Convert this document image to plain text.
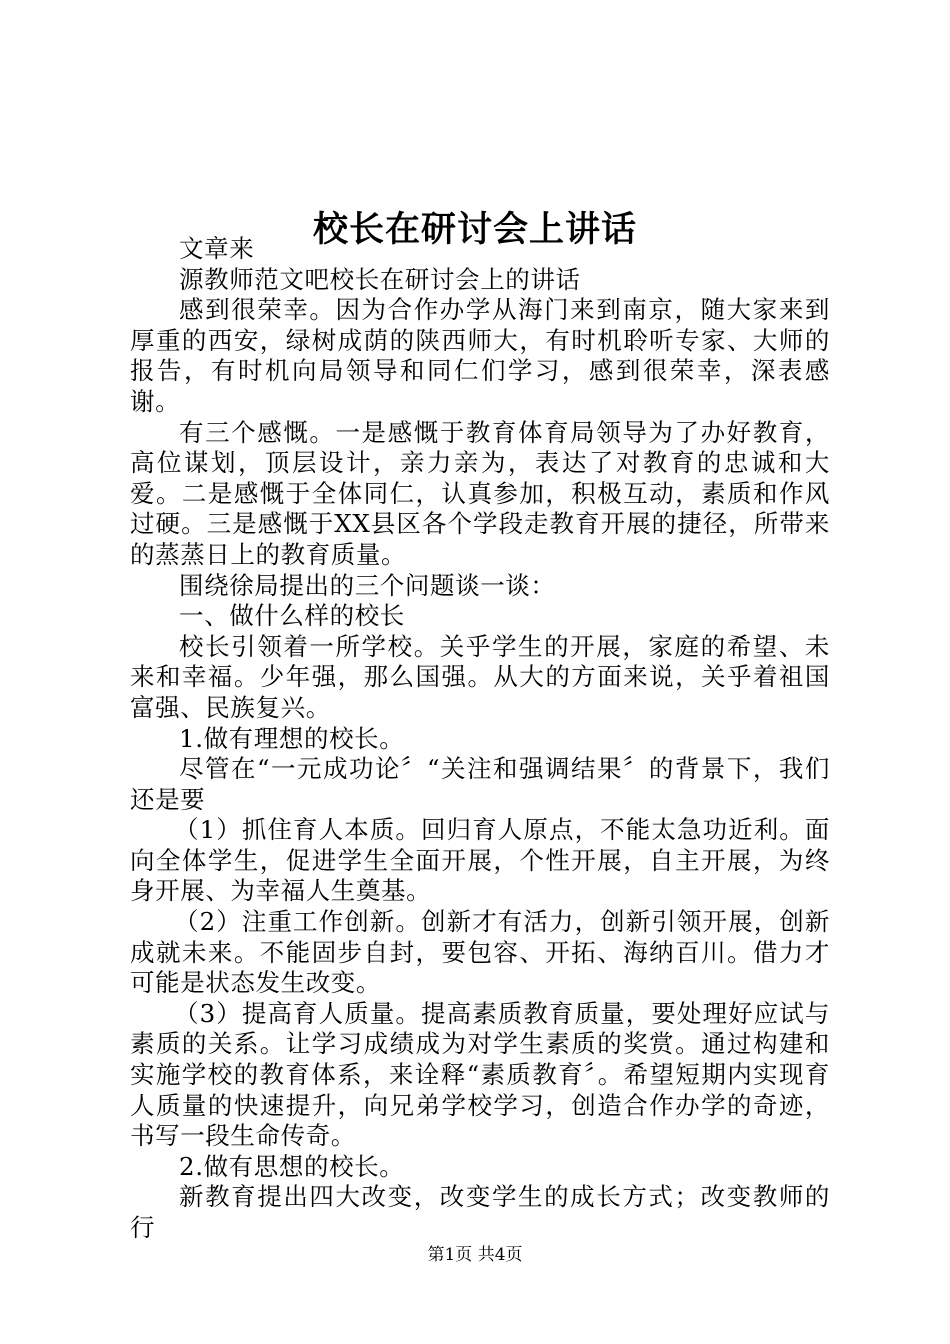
校长在研讨会上讲话

文章来

源教师范文吧校长在研讨会上的讲话

感到很荣幸。因为合作办学从海门来到南京，随大家来到厚重的西安，绿树成荫的陕西师大，有时机聆听专家、大师的报告，有时机向局领导和同仁们学习，感到很荣幸，深表感谢。

有三个感慨。一是感慨于教育体育局领导为了办好教育，高位谋划，顶层设计，亲力亲为，表达了对教育的忠诚和大爱。二是感慨于全体同仁，认真参加，积极互动，素质和作风过硬。三是感慨于XX县区各个学段走教育开展的捷径，所带来的蒸蒸日上的教育质量。

围绕徐局提出的三个问题谈一谈：

一、做什么样的校长

校长引领着一所学校。关乎学生的开展，家庭的希望、未来和幸福。少年强，那么国强。从大的方面来说，关乎着祖国富强、民族复兴。

1.做有理想的校长。

尽管在“一元成功论〞“关注和强调结果〞的背景下，我们还是要

（1）抓住育人本质。回归育人原点，不能太急功近利。面向全体学生，促进学生全面开展，个性开展，自主开展，为终身开展、为幸福人生奠基。

（2）注重工作创新。创新才有活力，创新引领开展，创新成就未来。不能固步自封，要包容、开拓、海纳百川。借力才可能是状态发生改变。

（3）提高育人质量。提高素质教育质量，要处理好应试与素质的关系。让学习成绩成为对学生素质的奖赏。通过构建和实施学校的教育体系，来诠释“素质教育〞。希望短期内实现育人质量的快速提升，向兄弟学校学习，创造合作办学的奇迹，书写一段生命传奇。

2.做有思想的校长。

新教育提出四大改变，改变学生的成长方式；改变教师的行

第1页 共4页
